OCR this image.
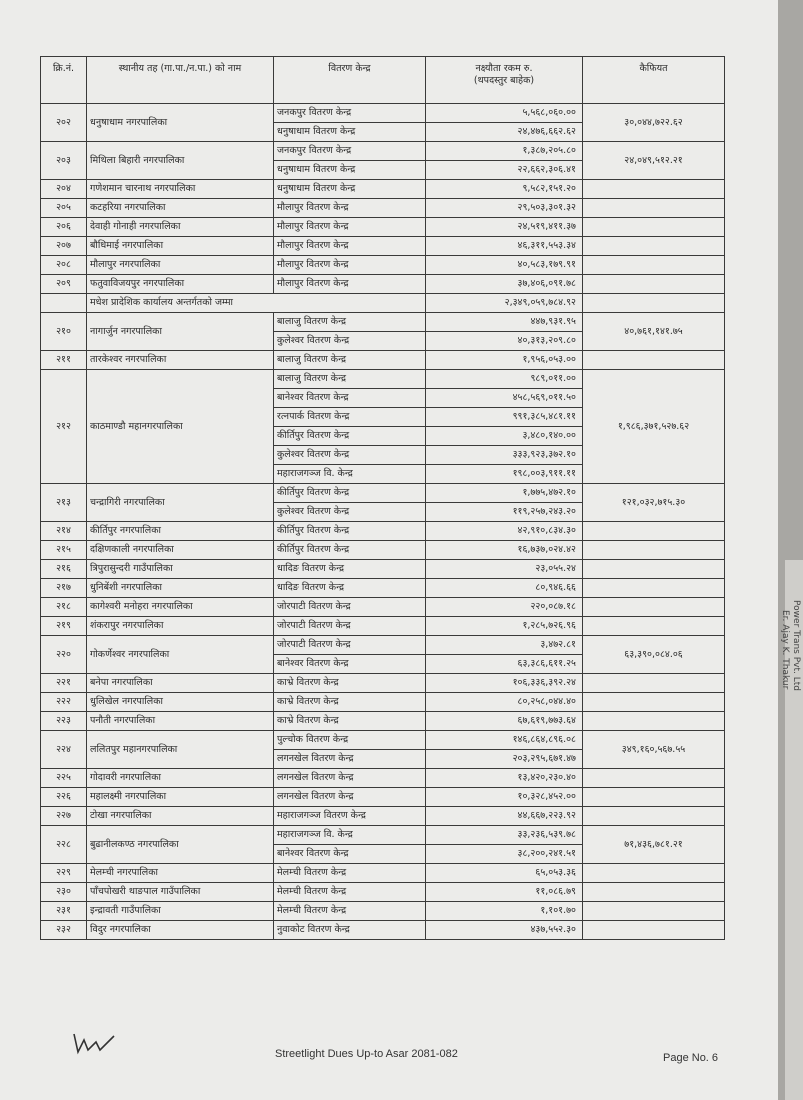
Er. Ajay K. Thakur Power Trans Pvt. Ltd
क्रि.नं.	स्थानीय तह (गा.पा./न.पा.) को नाम	वितरण केन्द्र	नक्ष्यौता रकम रु.
(थपदस्तुर बाहेक)	कैफियत
२०२	धनुषाधाम नगरपालिका	जनकपुर वितरण केन्द्र	५,५६८,०६०.००	३०,०४४,७२२.६२
		धनुषाधाम वितरण केन्द्र	२४,४७६,६६२.६२	
२०३	मिथिला बिहारी नगरपालिका	जनकपुर वितरण केन्द्र	१,३८७,२०५.८०	२४,०४९,५१२.२१
		धनुषाधाम वितरण केन्द्र	२२,६६२,३०६.४१	
२०४	गणेशमान चारनाथ नगरपालिका	धनुषाधाम वितरण केन्द्र	९,५८२,१५१.२०	
२०५	कटहरिया नगरपालिका	मौलापुर वितरण केन्द्र	२९,५०३,३०१.३२	
२०६	देवाही गोनाही नगरपालिका	मौलापुर वितरण केन्द्र	२४,५१९,४११.३७	
२०७	बौधिमाई नगरपालिका	मौलापुर वितरण केन्द्र	४६,३११,५५३.३४	
२०८	मौलापुर नगरपालिका	मौलापुर वितरण केन्द्र	४०,५८३,१७९.९१	
२०९	फतुवाविजयपुर नगरपालिका	मौलापुर वितरण केन्द्र	३७,४०६,०९१.७८	
	मधेश प्रादेशिक कार्यालय अन्तर्गतको जम्मा		२,३४९,०५९,७८४.९२	
२१०	नागार्जुन नगरपालिका	बालाजु वितरण केन्द्र	४४७,९३१.९५	४०,७६१,१४१.७५
		कुलेश्वर वितरण केन्द्र	४०,३१३,२०९.८०	
२११	तारकेश्वर नगरपालिका	बालाजु वितरण केन्द्र	१,९५६,०५३.००	
२१२	काठमाण्डौ महानगरपालिका	बालाजु वितरण केन्द्र	९८९,०११.००	१,९८६,३७१,५२७.६२
		बानेश्वर वितरण केन्द्र	४५८,५६९,०११.५०	
		रत्नपार्क वितरण केन्द्र	९९१,३८५,४८१.११	
		कीर्तिपुर वितरण केन्द्र	३,४८०,१४०.००	
		कुलेश्वर वितरण केन्द्र	३३३,९२३,३७२.१०	
		महाराजगञ्ज वि. केन्द्र	१९८,००३,९११.११	
२१३	चन्द्रागिरी नगरपालिका	कीर्तिपुर वितरण केन्द्र	१,७७५,४७२.१०	१२१,०३२,७१५.३०
		कुलेश्वर वितरण केन्द्र	११९,२५७,२४३.२०	
२१४	कीर्तिपुर नगरपालिका	कीर्तिपुर वितरण केन्द्र	४२,९१०,८३४.३०	
२१५	दक्षिणकाली नगरपालिका	कीर्तिपुर वितरण केन्द्र	१६,७३७,०२४.४२	
२१६	त्रिपुरासुन्दरी गाउँपालिका	धादिङ वितरण केन्द्र	२३,०५५.२४	
२१७	धुनिबेंशी नगरपालिका	धादिङ वितरण केन्द्र	८०,९४६.६६	
२१८	कागेश्वरी मनोहरा नगरपालिका	जोरपाटी वितरण केन्द्र	२२०,०८७.१८	
२१९	शंकरापुर नगरपालिका	जोरपाटी वितरण केन्द्र	१,२८५,७२६.९६	
२२०	गोकर्णेश्वर नगरपालिका	जोरपाटी वितरण केन्द्र	३,४७२.८१	६३,३९०,०८४.०६
		बानेश्वर वितरण केन्द्र	६३,३८६,६११.२५	
२२१	बनेपा नगरपालिका	काभ्रे वितरण केन्द्र	१०६,३३६,३९२.२४	
२२२	धुलिखेल नगरपालिका	काभ्रे वितरण केन्द्र	८०,२५८,०४४.४०	
२२३	पनौती नगरपालिका	काभ्रे वितरण केन्द्र	६७,६१९,७७३.६४	
२२४	ललितपुर महानगरपालिका	पुल्चोक वितरण केन्द्र	१४६,८६४,८९६.०८	३४९,१६०,५६७.५५
		लगनखेल वितरण केन्द्र	२०३,२९५,६७१.४७	
२२५	गोदावरी नगरपालिका	लगनखेल वितरण केन्द्र	१३,४२०,२३०.४०	
२२६	महालक्ष्मी नगरपालिका	लगनखेल वितरण केन्द्र	१०,३२८,४५२.००	
२२७	टोखा नगरपालिका	महाराजगञ्ज वितरण केन्द्र	४४,६६७,२२३.९२	
२२८	बुढानीलकण्ठ नगरपालिका	महाराजगञ्ज वि. केन्द्र	३३,२३६,५३९.७८	७१,४३६,७८१.२१
		बानेश्वर वितरण केन्द्र	३८,२००,२४१.५१	
२२९	मेलम्ची नगरपालिका	मेलम्ची वितरण केन्द्र	६५,०५३.३६	
२३०	पाँचपोखरी थाङपाल गाउँपालिका	मेलम्ची वितरण केन्द्र	११,०८६.७९	
२३१	इन्द्रावती गाउँपालिका	मेलम्ची वितरण केन्द्र	१,१०१.७०	
२३२	विदुर नगरपालिका	नुवाकोट वितरण केन्द्र	४३७,५५२.३०	
Streetlight Dues Up-to Asar 2081-082	Page No. 6
